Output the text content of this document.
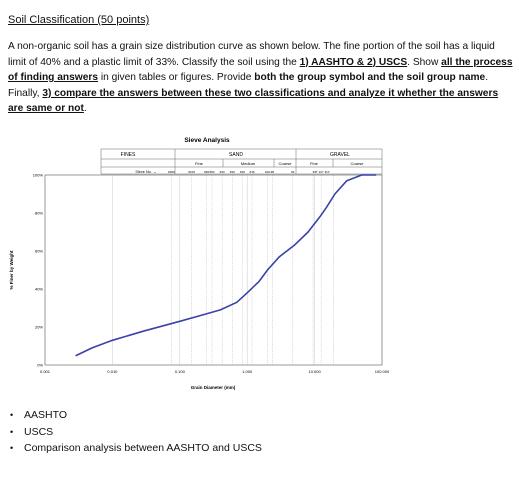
Soil Classification (50 points)
A non-organic soil has a grain size distribution curve as shown below. The fine portion of the soil has a liquid limit of 40% and a plastic limit of 33%. Classify the soil using the 1) AASHTO & 2) USCS. Show all the process of finding answers in given tables or figures. Provide both the group symbol and the soil group name. Finally, 3) compare the answers between these two classifications and analyze it whether the answers are same or not.
Sieve Analysis
FINES	SAND	GRAVEL
Fine	Medium	Coarse	Fine	Coarse
Sieve No. →	#200	#100	#60 #50 #40 #30 #20 #16	#10 #8	#4	3/8" 1/2" 3/4"
0%
20%
40%
60%
80%
100%
0.001	0.010	0.100	1.000	10.000	100.000
Grain Diameter (mm)
% Finer by Weight
•	AASHTO
•	USCS
•	Comparison analysis between AASHTO and USCS
